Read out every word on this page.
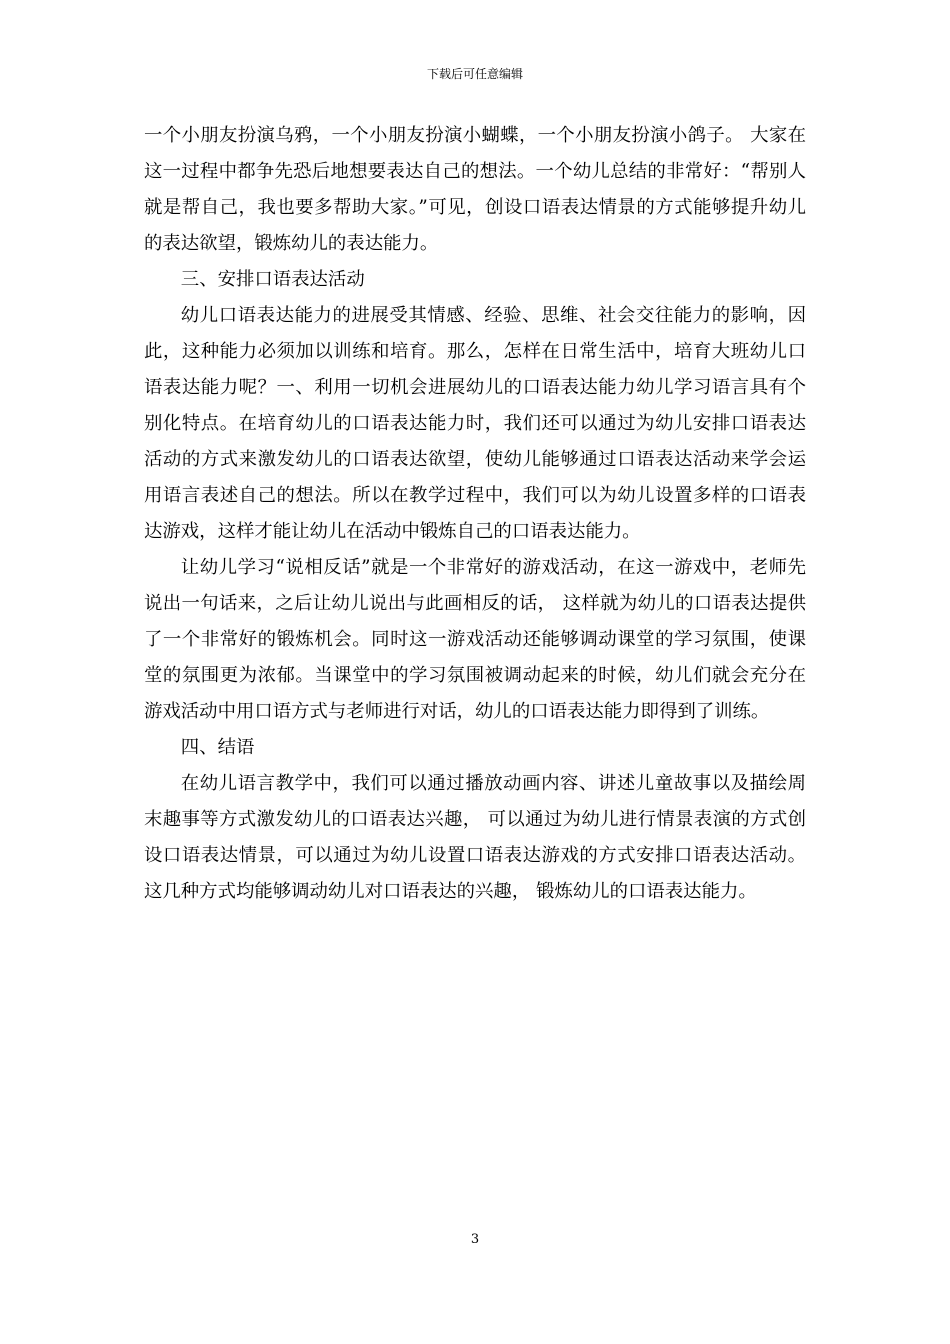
下载后可任意编辑

一个小朋友扮演乌鸦，一个小朋友扮演小蝴蝶，一个小朋友扮演小鸽子。 大家在这一过程中都争先恐后地想要表达自己的想法。一个幼儿总结的非常好：“帮别人就是帮自己，我也要多帮助大家。”可见，创设口语表达情景的方式能够提升幼儿的表达欲望，锻炼幼儿的表达能力。

三、安排口语表达活动

幼儿口语表达能力的进展受其情感、经验、思维、社会交往能力的影响，因此，这种能力必须加以训练和培育。那么，怎样在日常生活中，培育大班幼儿口语表达能力呢？一、利用一切机会进展幼儿的口语表达能力幼儿学习语言具有个别化特点。在培育幼儿的口语表达能力时，我们还可以通过为幼儿安排口语表达活动的方式来激发幼儿的口语表达欲望，使幼儿能够通过口语表达活动来学会运用语言表述自己的想法。所以在教学过程中，我们可以为幼儿设置多样的口语表达游戏，这样才能让幼儿在活动中锻炼自己的口语表达能力。

让幼儿学习“说相反话”就是一个非常好的游戏活动，在这一游戏中，老师先说出一句话来，之后让幼儿说出与此画相反的话， 这样就为幼儿的口语表达提供了一个非常好的锻炼机会。同时这一游戏活动还能够调动课堂的学习氛围，使课堂的氛围更为浓郁。当课堂中的学习氛围被调动起来的时候，幼儿们就会充分在游戏活动中用口语方式与老师进行对话，幼儿的口语表达能力即得到了训练。

四、结语

在幼儿语言教学中，我们可以通过播放动画内容、讲述儿童故事以及描绘周末趣事等方式激发幼儿的口语表达兴趣， 可以通过为幼儿进行情景表演的方式创设口语表达情景，可以通过为幼儿设置口语表达游戏的方式安排口语表达活动。这几种方式均能够调动幼儿对口语表达的兴趣， 锻炼幼儿的口语表达能力。

3
